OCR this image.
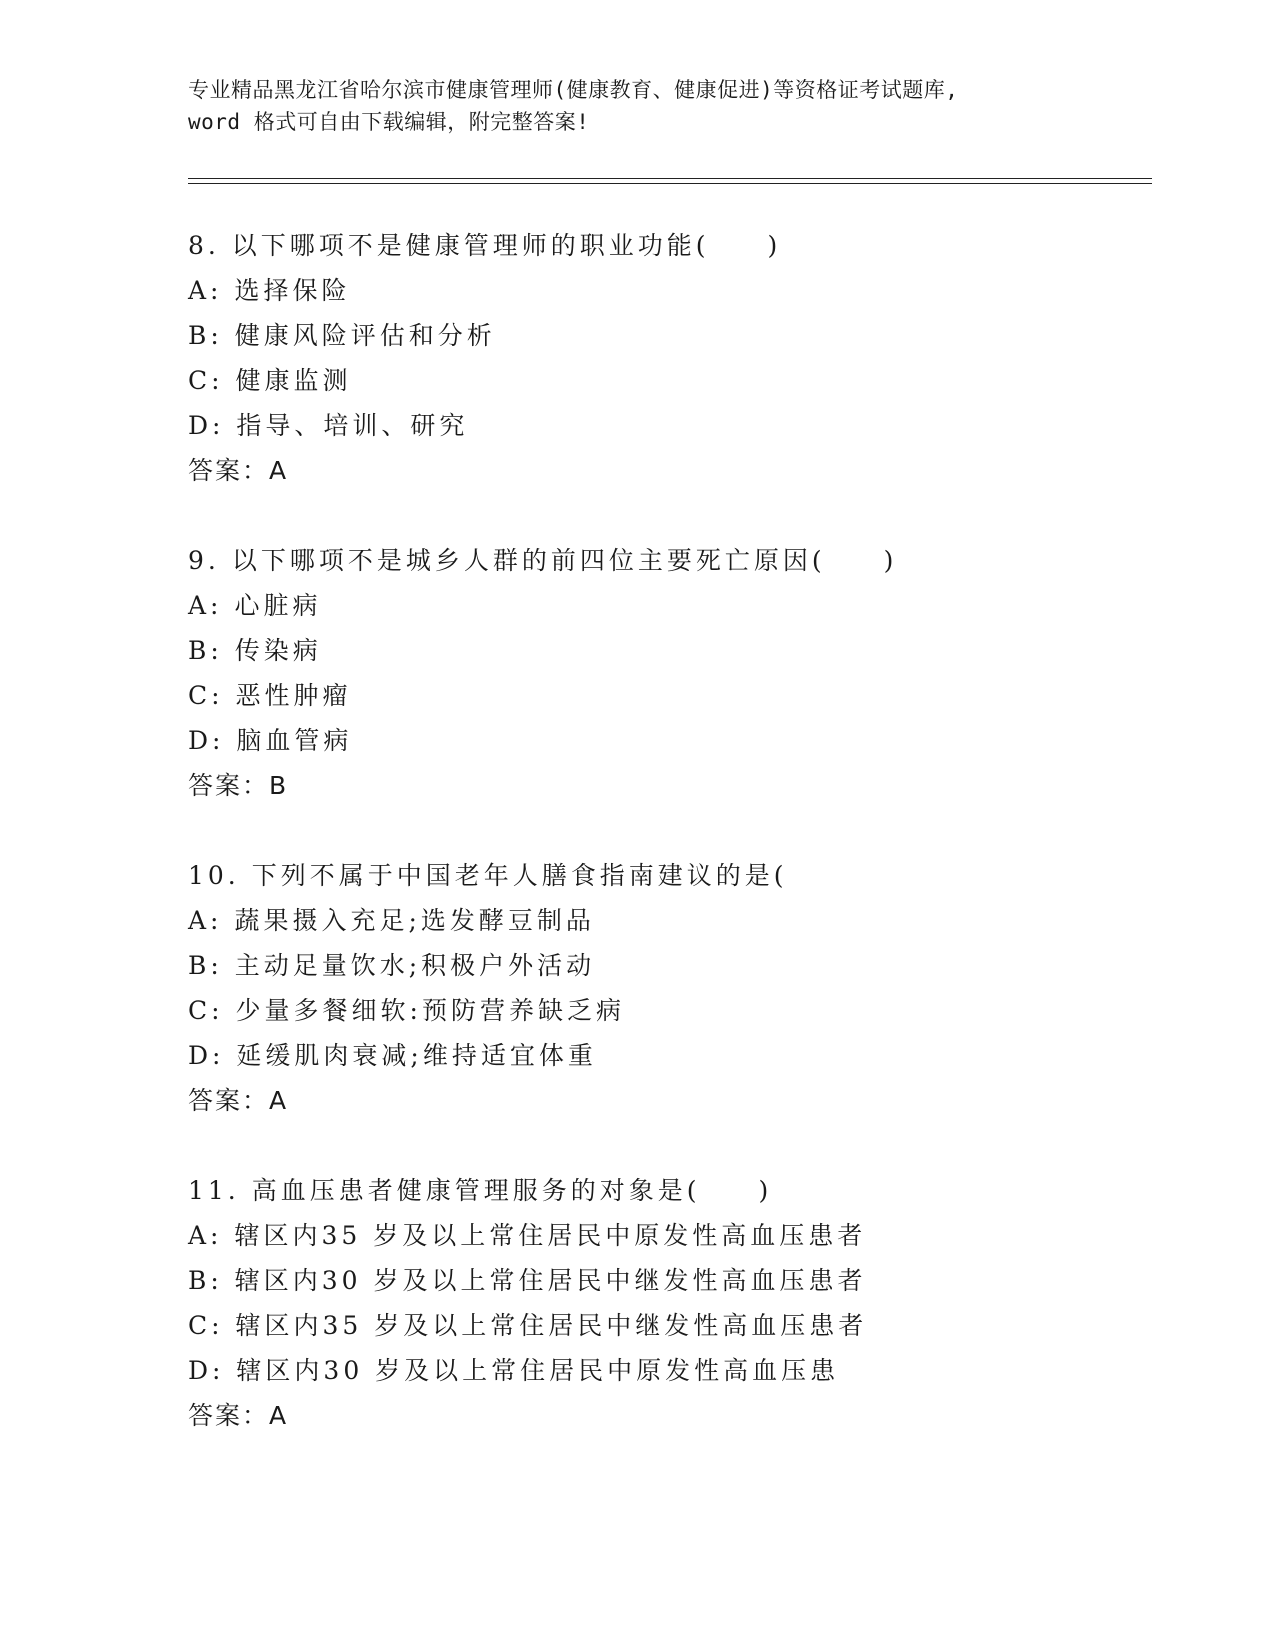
专业精品黑龙江省哈尔滨市健康管理师(健康教育、健康促进)等资格证考试题库,
word 格式可自由下载编辑，附完整答案!
8. 以下哪项不是健康管理师的职业功能(　　)
A: 选择保险
B: 健康风险评估和分析
C: 健康监测
D: 指导、培训、研究
答案：A
9. 以下哪项不是城乡人群的前四位主要死亡原因(　　)
A: 心脏病
B: 传染病
C: 恶性肿瘤
D: 脑血管病
答案：B
10. 下列不属于中国老年人膳食指南建议的是(
A: 蔬果摄入充足;选发酵豆制品
B: 主动足量饮水;积极户外活动
C: 少量多餐细软:预防营养缺乏病
D: 延缓肌肉衰减;维持适宜体重
答案：A
11. 高血压患者健康管理服务的对象是(　　)
A: 辖区内35 岁及以上常住居民中原发性高血压患者
B: 辖区内30 岁及以上常住居民中继发性高血压患者
C: 辖区内35 岁及以上常住居民中继发性高血压患者
D: 辖区内30 岁及以上常住居民中原发性高血压患
答案：A
